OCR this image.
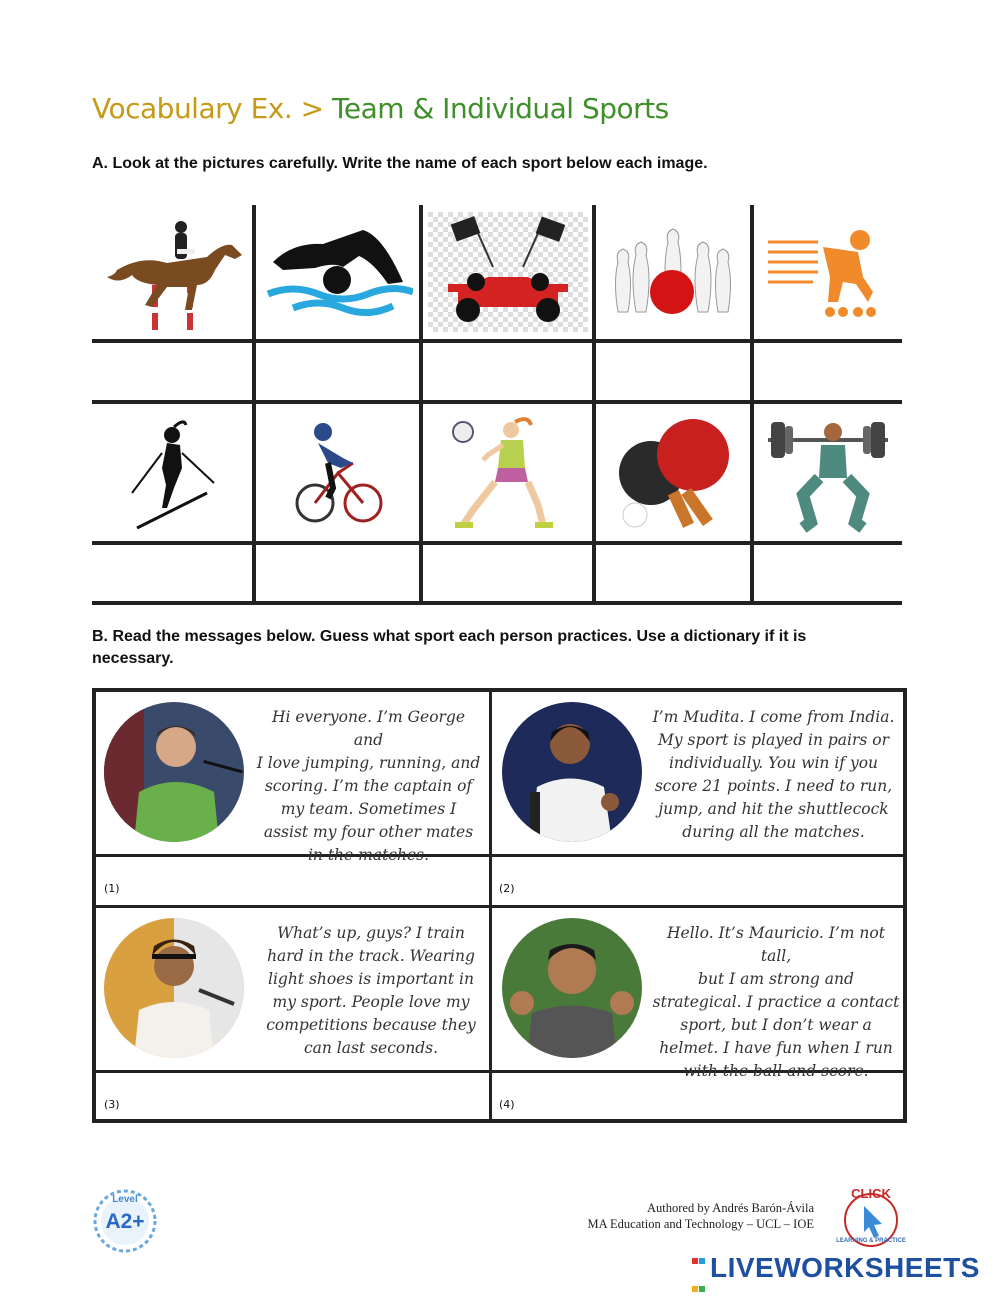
Vocabulary Ex. > Team & Individual Sports
A. Look at the pictures carefully. Write the name of each sport below each image.
B. Read the messages below. Guess what sport each person practices. Use a dictionary if it is necessary.
Hi everyone. I’m George and
I love jumping, running, and
scoring. I’m the captain of
my team. Sometimes I
assist my four other mates
in the matches.
I’m Mudita. I come from India.
My sport is played in pairs or
individually. You win if you
score 21 points. I need to run,
jump, and hit the shuttlecock
during all the matches.
(1)	(2)
What’s up, guys? I train
hard in the track. Wearing
light shoes is important in
my sport. People love my
competitions because they
can last seconds.
Hello. It’s Mauricio. I’m not tall,
but I am strong and
strategical. I practice a contact
sport, but I don’t wear a
helmet. I have fun when I run
with the ball and score.
(3)	(4)
Level
A2+
Authored by Andrés Barón-Ávila
MA Education and Technology – UCL – IOE
CLICK
LEARNING & PRACTICE

LIVEWORKSHEETS
